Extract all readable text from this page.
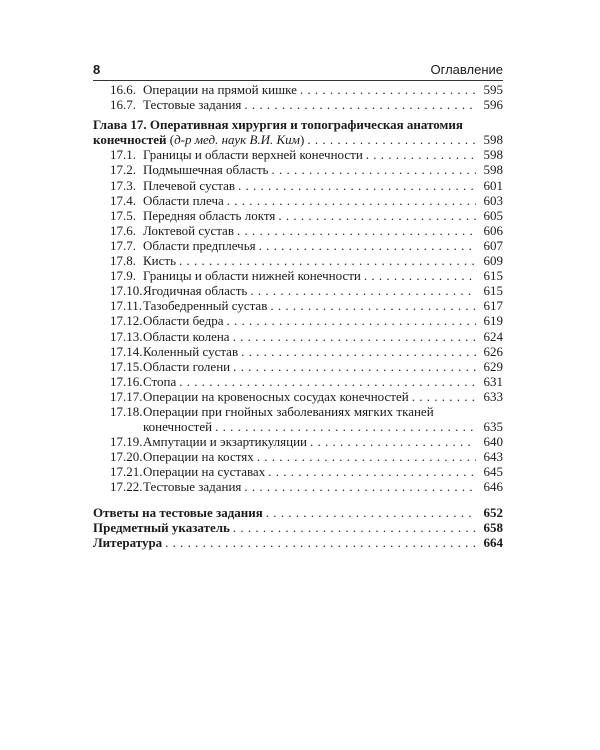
8	Оглавление
16.6. Операции на прямой кишке . . .	595
16.7. Тестовые задания . . .	596
Глава 17. Оперативная хирургия и топографическая анатомия
конечностей (д-р мед. наук В.И. Ким) . . .	598
17.1. Границы и области верхней конечности . . .	598
17.2. Подмышечная область . . .	598
17.3. Плечевой сустав . . .	601
17.4. Области плеча . . .	603
17.5. Передняя область локтя . . .	605
17.6. Локтевой сустав . . .	606
17.7. Области предплечья . . .	607
17.8. Кисть . . .	609
17.9. Границы и области нижней конечности . . .	615
17.10. Ягодичная область . . .	615
17.11. Тазобедренный сустав . . .	617
17.12. Области бедра . . .	619
17.13. Области колена . . .	624
17.14. Коленный сустав . . .	626
17.15. Области голени . . .	629
17.16. Стопа . . .	631
17.17. Операции на кровеносных сосудах конечностей . . .	633
17.18. Операции при гнойных заболеваниях мягких тканей
конечностей . . .	635
17.19. Ампутации и экзартикуляции . . .	640
17.20. Операции на костях . . .	643
17.21. Операции на суставах . . .	645
17.22. Тестовые задания . . .	646
Ответы на тестовые задания . . .	652
Предметный указатель . . .	658
Литература . . .	664
